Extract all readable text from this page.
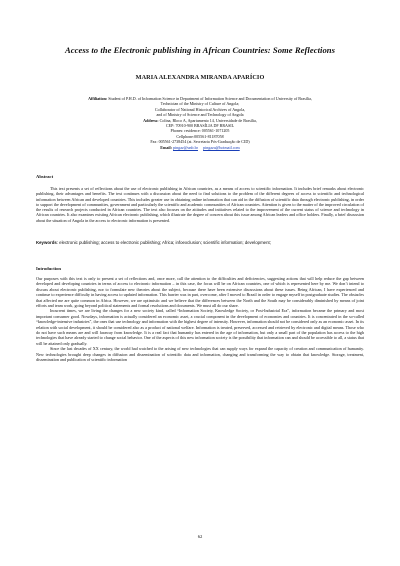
Access to the Electronic publishing in African Countries: Some Reflections
MARIA ALEXANDRA MIRANDA APARÍCIO
Affiliation: Student of P.H.D. of Information Science in Department of Information Science and Documentation of University of Brasília,
Technician of the Ministry of Culture of Angola;
Collaborator of National Historical Archives of Angola,
and of Ministry of Science and Technology of Angola
Address: Colina, Bloco A, Apartamento 14, Universidade de Brasília,
CEP: 70910-900 BRASÍLIA DF BRASIL
Phones: residence: 005561-1071205
Cellphone:005561-81187058
Fax: 005561-2738454 (at. Secretaria Pós-Graduação de CID)
Email: pingaz@unb.br pingaza@hotmail.com
Abstract
This text presents a set of reflections about the use of electronic publishing in African countries, as a means of access to scientific information. It includes brief remarks about electronic publishing, their advantages and benefits. The text continues with a discussion about the need to find solutions to the problem of the different degrees of access to scientific and technological information between African and developed countries. This includes greater use in obtaining online information that can aid in the diffusion of scientific data through electronic publishing, in order to support the development of communities, government and particularly the scientific and academic communities of African countries. Attention is given to the matter of the improved circulation of the results of research projects conducted in African countries. The text also focuses on the attitudes and initiatives related to the improvement of the current status of science and technology in African countries. It also examines existing African electronic publishing, which illustrate the degree of concern about this issue among African leaders and office holders. Finally, a brief discussion about the situation of Angola in the access to electronic information is presented.
Keywords: electronic publishing; access to electronic publishing; Africa; infoexclusion; scientific information; development;
Introduction

Our purposes with this text is only to present a set of reflections and, once more, call the attention to the difficulties and deficiencies, suggesting actions that will help reduce the gap between developed and developing countries in terms of access to electronic information – in this case, the focus will be on African countries, one of which is represented here by me. We don’t intend to discuss about electronic publishing, nor to formulate new theories about the subject, because there have been extensive discussions about these issues. Being African, I have experienced and continue to experience difficulty in having access to updated information. This barrier was in part, overcome, after I moved to Brazil in order to engage myself in postgraduate studies. The obstacles that affected me are quite common in Africa. However, we are optimistic and we believe that the differences between the North and the South may be considerably diminished by means of joint efforts and team work, going beyond political statements and formal resolutions and documents. We must all do our share.

Incurrent times, we are living the changes for a new society kind, called “Information Society, Knowledge Society, or Post-Industrial Era”, information became the primary and most important consumer good. Nowdays, information is actually considered an economic asset, a crucial component in the development of economies and countries. It is concentrated in the so-called “knowledge-intensive industries”, the ones that use technology and information with the highest degree of intensity. However, information should not be considered only as an economic asset. In its relation with social development, it should be considered also as a product of national welfare. Information is treated, preserved, accessed and retrieved by electronic and digital means. Those who do not have such means are and will faraway from knowledge. It is a real fact that humanity has entered in the age of information, but only a small part of the population has access to the high technologies that have already started to change social behavior. One of the aspects of this new information society is the possibility that information can and should be accessible to all, a status that will be attained only gradually.

Since the last decades of XX century, the world had watched to the arising of new technologies that can supply ways for expand the capacity of creation and communication of humanity. New technologies brought deep changes in diffusion and dissemination of scientific data and information, changing and transforming the way to obtain that knowledge. Storage, treatment, dissemination and publication of scientific information

62
